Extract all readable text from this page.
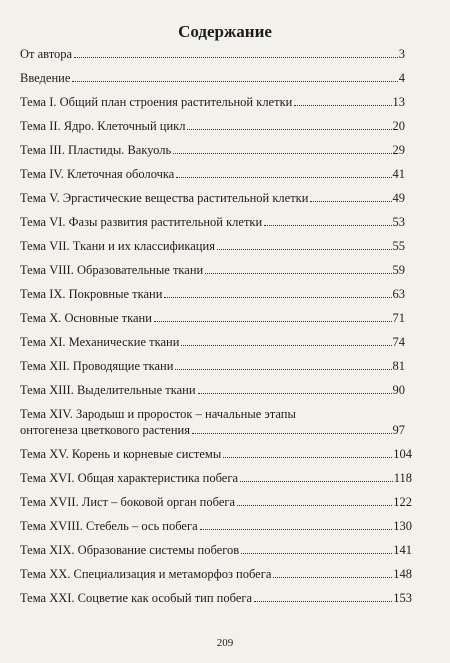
Содержание
От автора	3
Введение	4
Тема I. Общий план строения растительной клетки	13
Тема II. Ядро. Клеточный цикл	20
Тема III. Пластиды. Вакуоль	29
Тема IV. Клеточная оболочка	41
Тема V. Эргастические вещества растительной клетки	49
Тема VI. Фазы развития растительной клетки	53
Тема VII. Ткани и их классификация	55
Тема VIII. Образовательные ткани	59
Тема IX. Покровные ткани	63
Тема X. Основные ткани	71
Тема XI. Механические ткани	74
Тема XII. Проводящие ткани	81
Тема XIII. Выделительные ткани	90
Тема XIV. Зародыш и проросток – начальные этапы
онтогенеза цветкового растения	97
Тема XV. Корень и корневые системы	104
Тема XVI. Общая характеристика побега	118
Тема XVII. Лист – боковой орган побега	122
Тема XVIII. Стебель – ось побега	130
Тема XIX. Образование системы побегов	141
Тема XX. Специализация и метаморфоз побега	148
Тема XXI. Соцветие как особый тип побега	153
209
